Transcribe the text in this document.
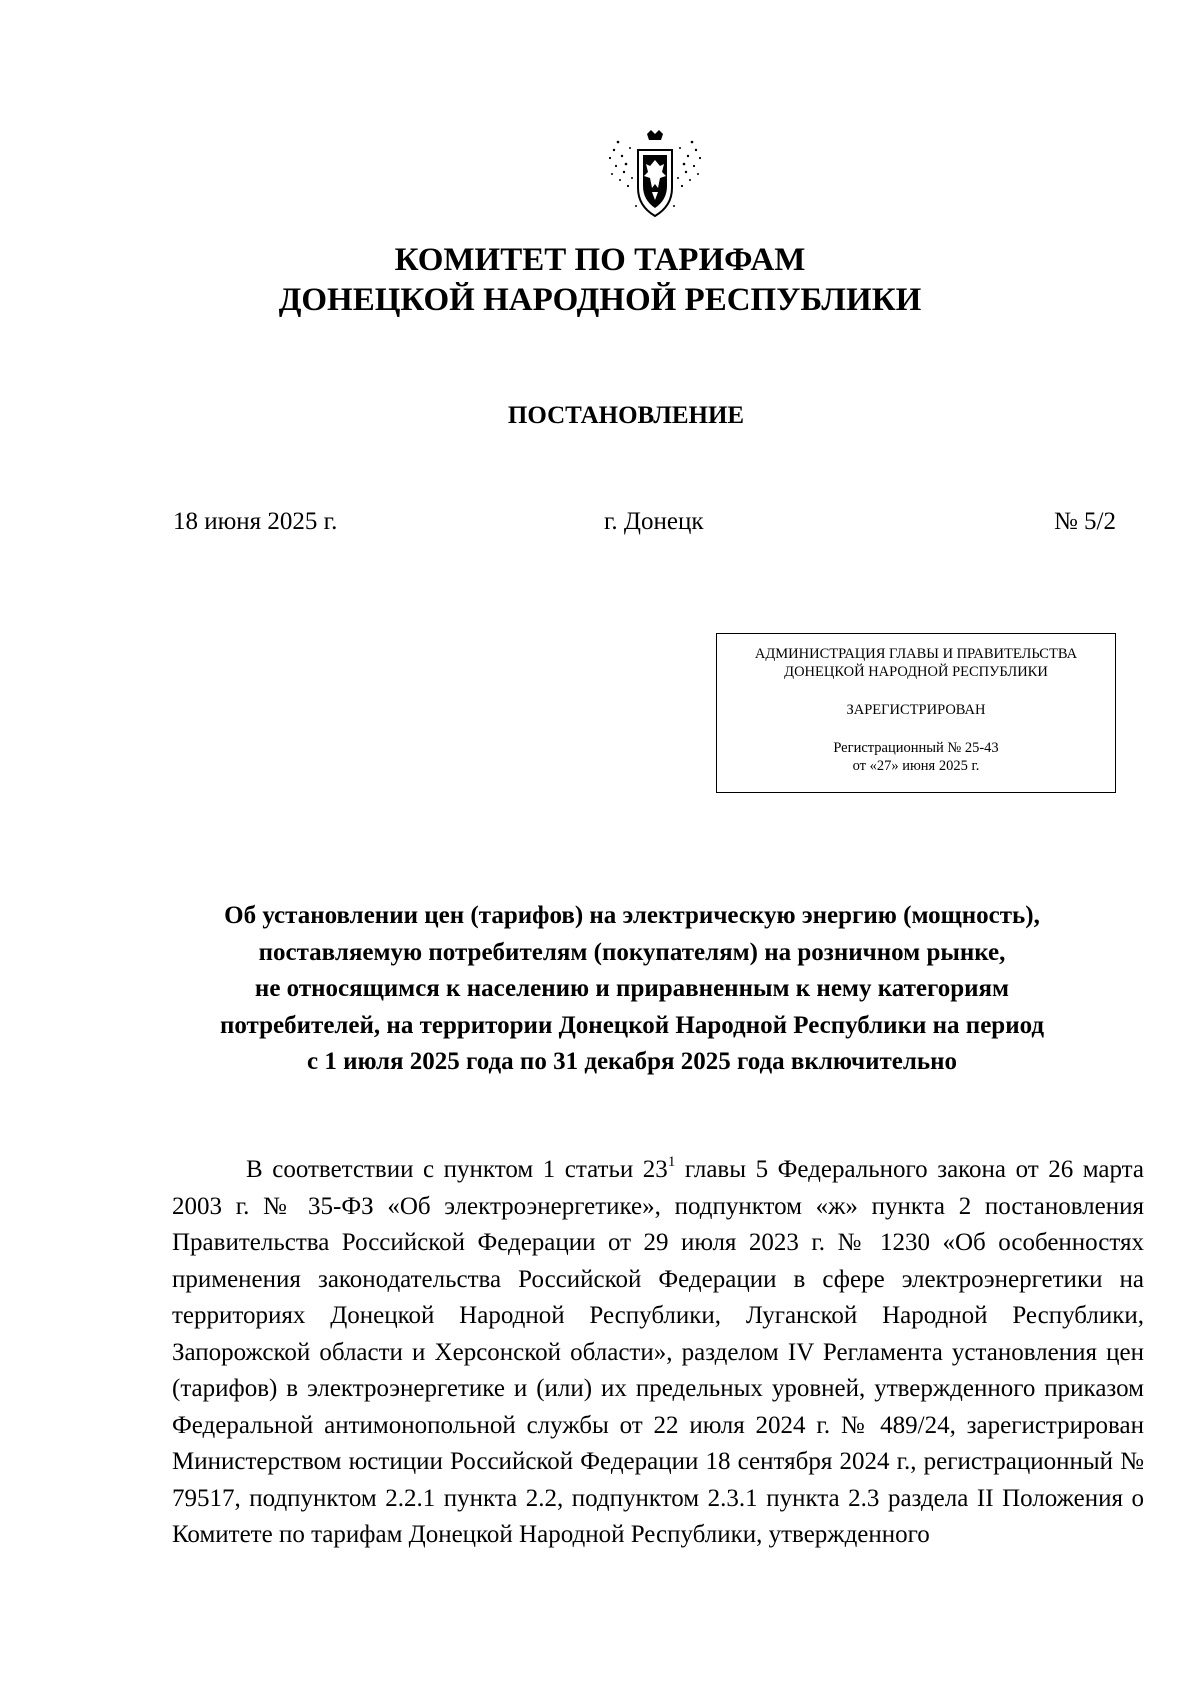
КОМИТЕТ ПО ТАРИФАМ
ДОНЕЦКОЙ НАРОДНОЙ РЕСПУБЛИКИ
ПОСТАНОВЛЕНИЕ
18 июня 2025 г.	г. Донецк	№ 5/2
АДМИНИСТРАЦИЯ ГЛАВЫ И ПРАВИТЕЛЬСТВА
ДОНЕЦКОЙ НАРОДНОЙ РЕСПУБЛИКИ
ЗАРЕГИСТРИРОВАН
Регистрационный № 25-43
от «27» июня 2025 г.
Об установлении цен (тарифов) на электрическую энергию (мощность),
поставляемую потребителям (покупателям) на розничном рынке,
не относящимся к населению и приравненным к нему категориям
потребителей, на территории Донецкой Народной Республики на период
с 1 июля 2025 года по 31 декабря 2025 года включительно

В соответствии с пунктом 1 статьи $23^1$ главы 5 Федерального закона от 26 марта 2003 г. № 35-ФЗ «Об электроэнергетике», подпунктом «ж» пункта 2 постановления Правительства Российской Федерации от 29 июля 2023 г. № 1230 «Об особенностях применения законодательства Российской Федерации в сфере электроэнергетики на территориях Донецкой Народной Республики, Луганской Народной Республики, Запорожской области и Херсонской области», разделом IV Регламента установления цен (тарифов) в электроэнергетике и (или) их предельных уровней, утвержденного приказом Федеральной антимонопольной службы от 22 июля 2024 г. № 489/24, зарегистрирован Министерством юстиции Российской Федерации 18 сентября 2024 г., регистрационный № 79517, подпунктом 2.2.1 пункта 2.2, подпунктом 2.3.1 пункта 2.3 раздела II Положения о Комитете по тарифам Донецкой Народной Республики, утвержденного
